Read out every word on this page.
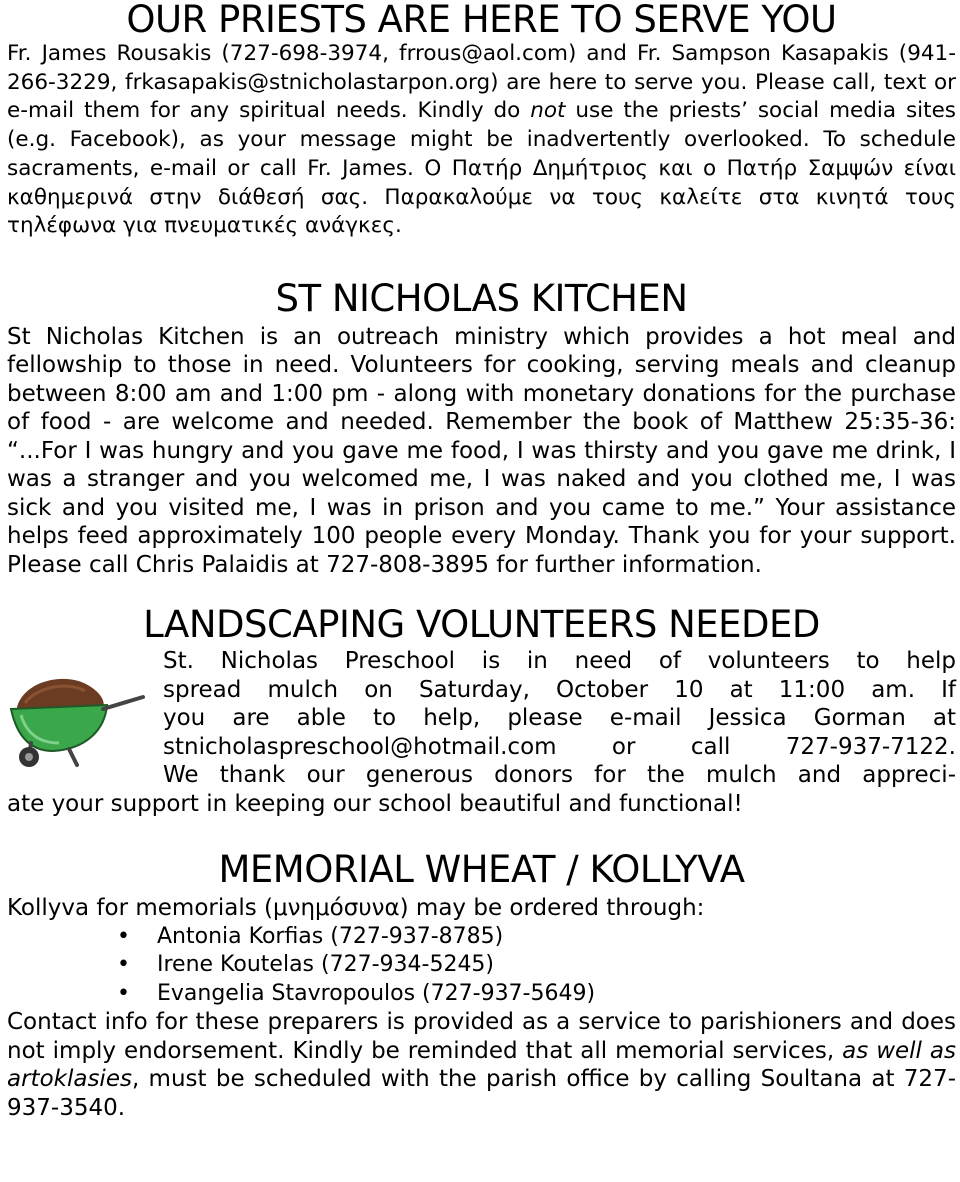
OUR PRIESTS ARE HERE TO SERVE YOU

Fr. James Rousakis (727-698-3974, frrous@aol.com) and Fr. Sampson Kasapakis (941-266-3229, frkasapakis@stnicholastarpon.org) are here to serve you. Please call, text or e-mail them for any spiritual needs. Kindly do not use the priests’ social media sites (e.g. Facebook), as your message might be inadvertently overlooked. To schedule sacraments, e-mail or call Fr. James. Ο Πατήρ Δημήτριος και ο Πατήρ Σαμψών είναι καθημερινά στην διάθεσή σας. Παρακαλούμε να τους καλείτε στα κινητά τους τηλέφωνα για πνευματικές ανάγκες.

ST NICHOLAS KITCHEN

St Nicholas Kitchen is an outreach ministry which provides a hot meal and fellowship to those in need. Volunteers for cooking, serving meals and cleanup between 8:00 am and 1:00 pm - along with monetary donations for the purchase of food - are welcome and needed. Remember the book of Matthew 25:35-36: “...For I was hungry and you gave me food, I was thirsty and you gave me drink, I was a stranger and you welcomed me, I was naked and you clothed me, I was sick and you visited me, I was in prison and you came to me.” Your assistance helps feed approximately 100 people every Monday. Thank you for your support. Please call Chris Palaidis at 727-808-3895 for further information.

LANDSCAPING VOLUNTEERS NEEDED
St. Nicholas Preschool is in need of volunteers to help
spread mulch on Saturday, October 10 at 11:00 am. If
you are able to help, please e-mail Jessica Gorman at
stnicholaspreschool@hotmail.com or call 727-937-7122.
We thank our generous donors for the mulch and appreci-
ate your support in keeping our school beautiful and functional!
MEMORIAL WHEAT / KOLLYVA

Kollyva for memorials (μνημόσυνα) may be ordered through:

• Antonia Korfias (727-937-8785)
• Irene Koutelas (727-934-5245)
• Evangelia Stavropoulos (727-937-5649)

Contact info for these preparers is provided as a service to parishioners and does not imply endorsement. Kindly be reminded that all memorial services, as well as artoklasies, must be scheduled with the parish office by calling Soultana at 727-937-3540.
